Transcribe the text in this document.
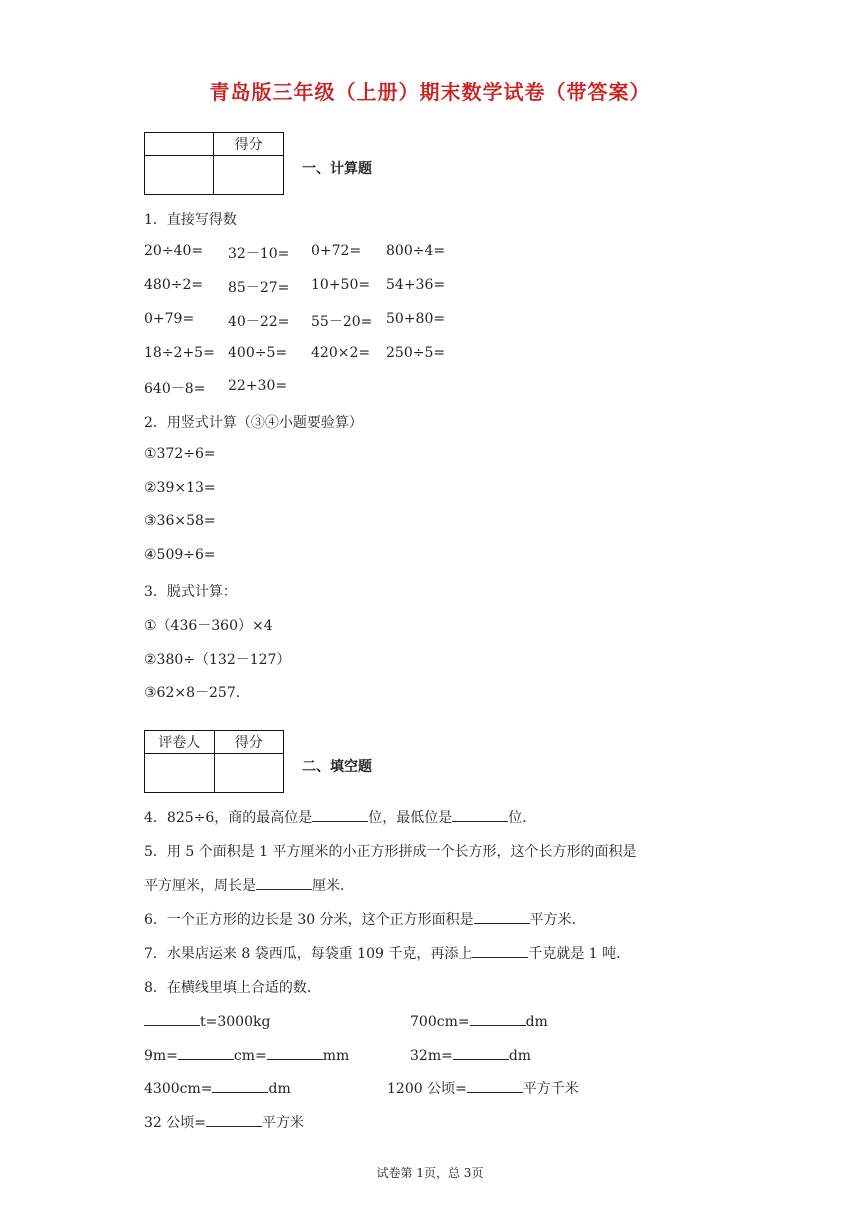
青岛版三年级（上册）期末数学试卷（带答案）
	得分

一、计算题
1．直接写得数
20÷40= 32－10= 0+72= 800÷4=
480÷2= 85－27= 10+50= 54+36=
0+79= 40－22= 55－20= 50+80=
18÷2+5= 400÷5= 420×2= 250÷5=
640－8= 22+30=
2．用竖式计算（③④小题要验算）
①372÷6=
②39×13=
③36×58=
④509÷6=
3．脱式计算：
①（436－360）×4
②380÷（132－127）
③62×8－257．
评卷人	得分

二、填空题
4．825÷6，商的最高位是	位，最低位是	位．
5．用 5 个面积是 1 平方厘米的小正方形拼成一个长方形，这个长方形的面积是
平方厘米，周长是	厘米．
6．一个正方形的边长是 30 分米，这个正方形面积是	平方米．
7．水果店运来 8 袋西瓜，每袋重 109 千克，再添上	千克就是 1 吨．
8．在横线里填上合适的数．
t=3000kg	700cm=	dm
9m=	cm=	mm	32m=	dm
4300cm=	dm	1200 公顷=	平方千米
32 公顷=	平方米
试卷第 1页，总 3页
